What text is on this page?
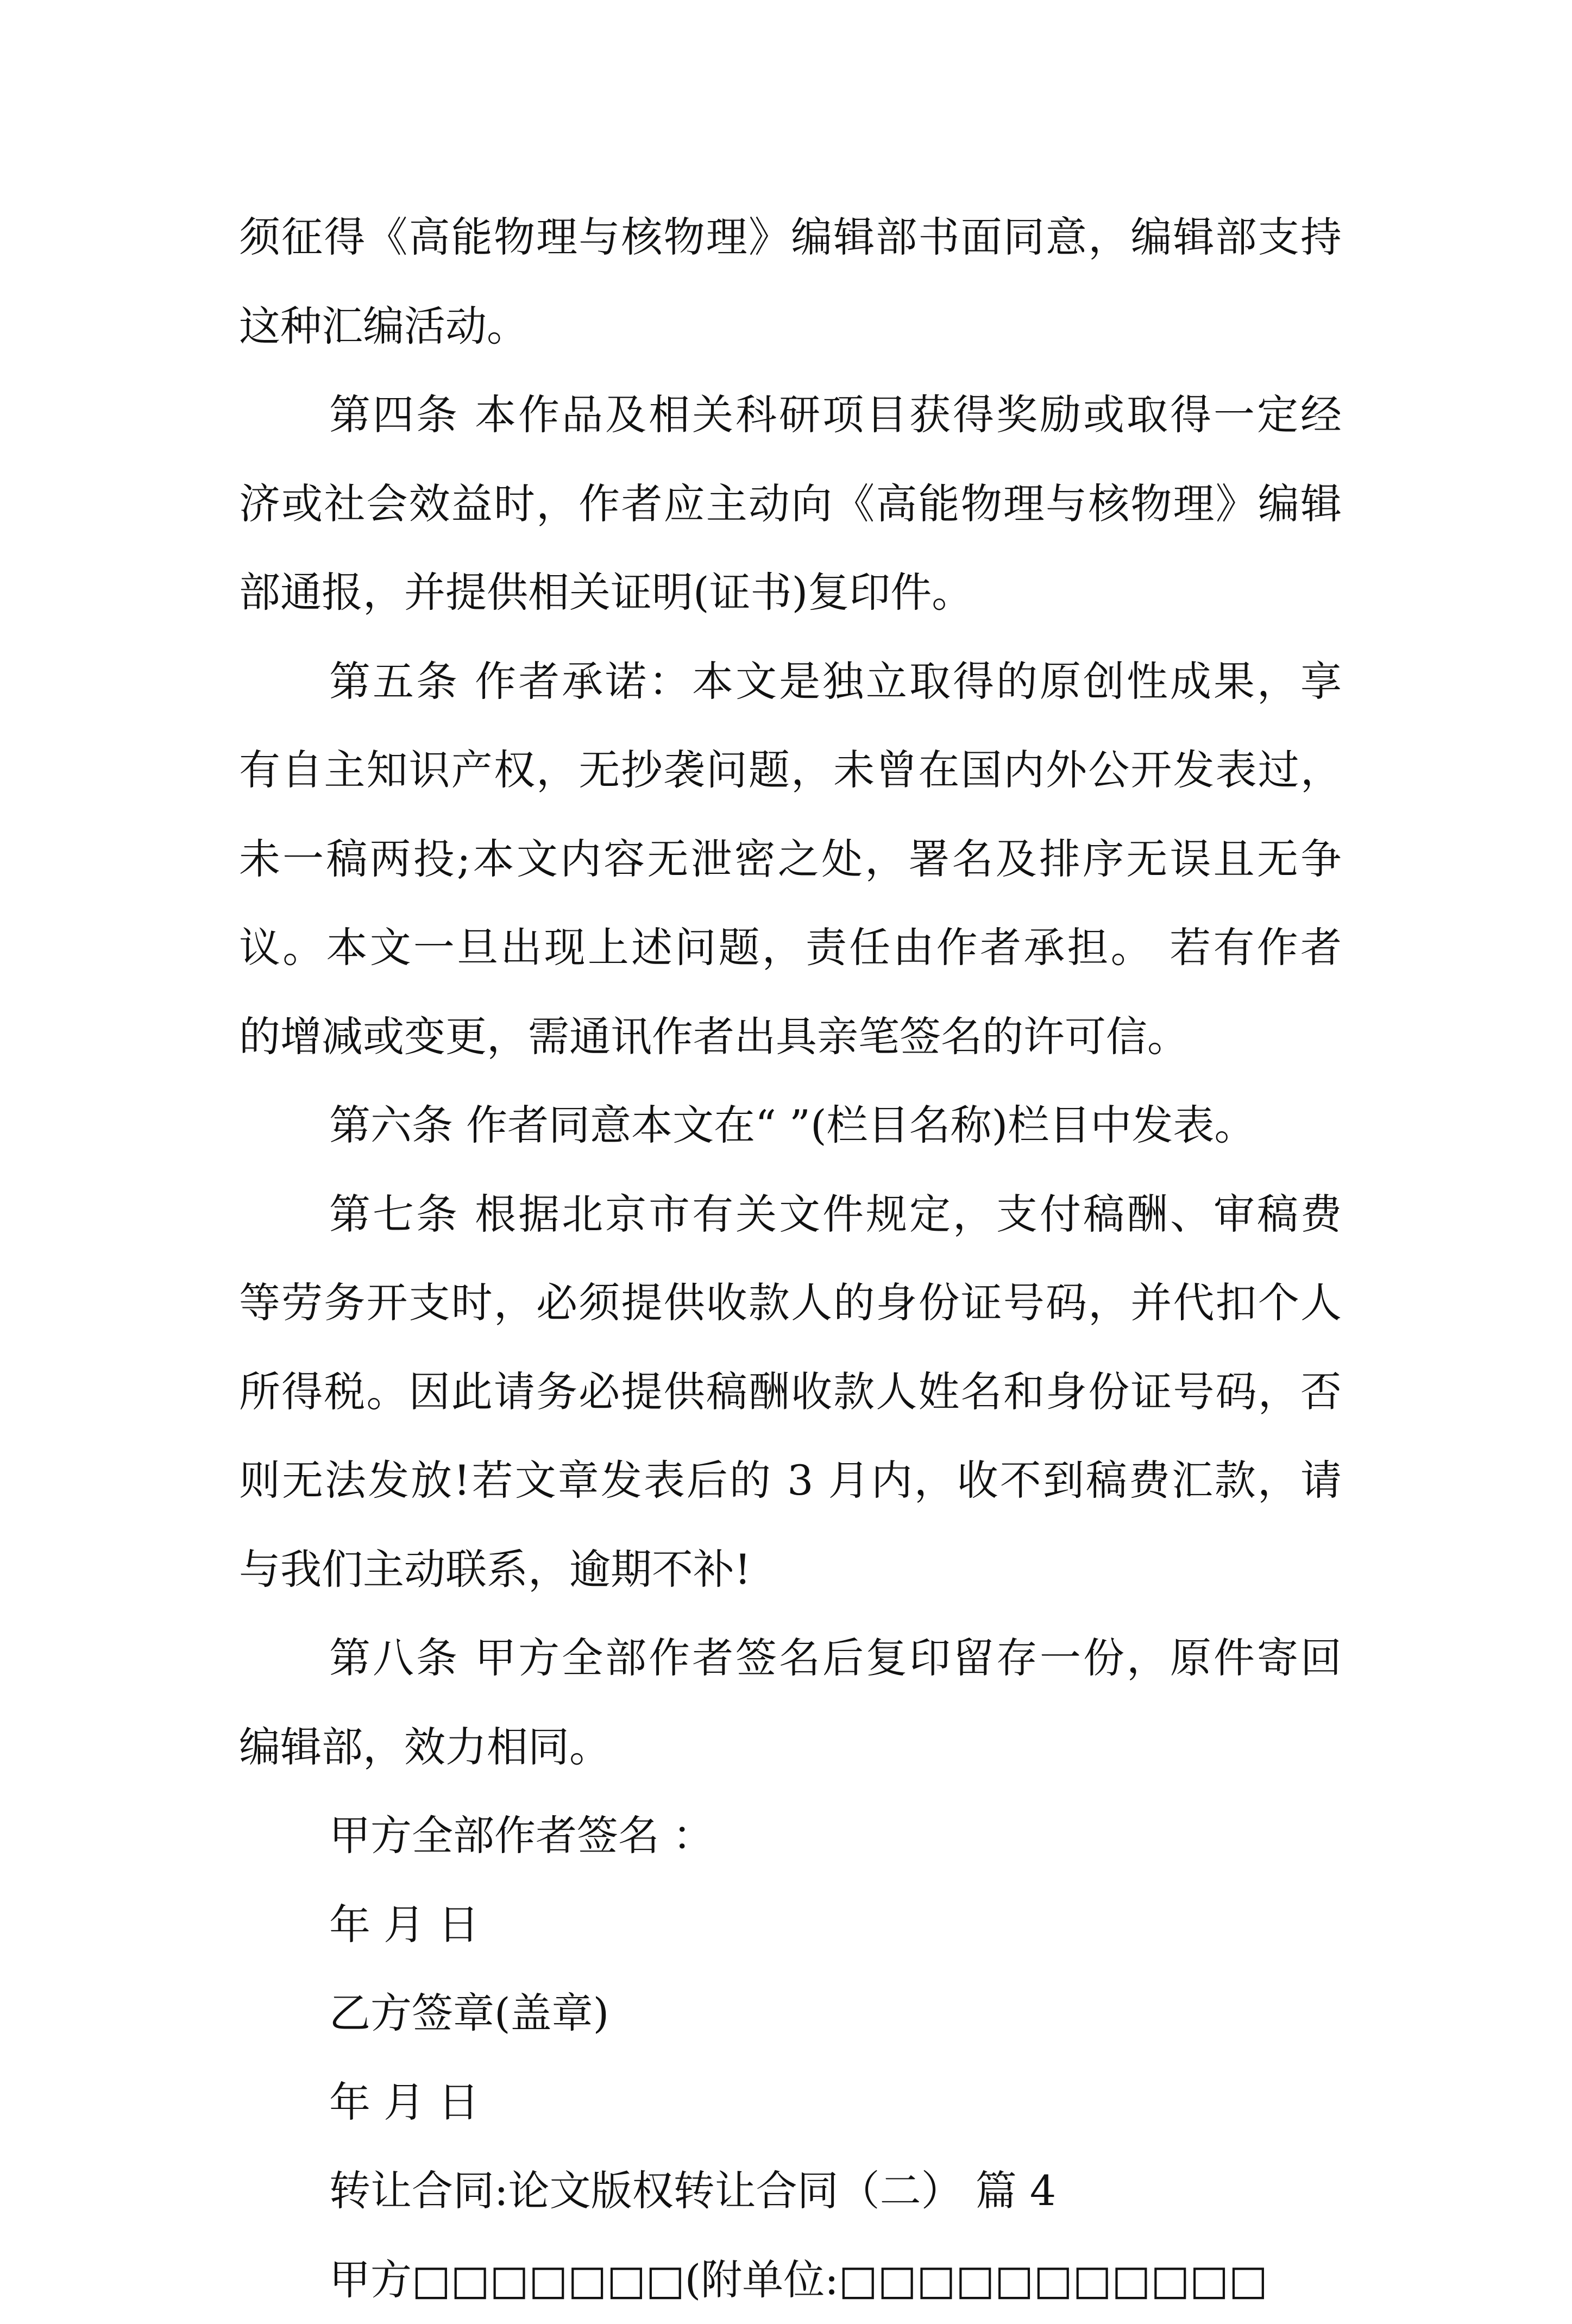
须征得《高能物理与核物理》编辑部书面同意，编辑部支持
这种汇编活动。
第四条 本作品及相关科研项目获得奖励或取得一定经
济或社会效益时，作者应主动向《高能物理与核物理》编辑
部通报，并提供相关证明(证书)复印件。
第五条 作者承诺：本文是独立取得的原创性成果，享
有自主知识产权，无抄袭问题，未曾在国内外公开发表过，
未一稿两投;本文内容无泄密之处，署名及排序无误且无争
议。本文一旦出现上述问题，责任由作者承担。 若有作者
的增减或变更，需通讯作者出具亲笔签名的许可信。
第六条 作者同意本文在“ ”(栏目名称)栏目中发表。
第七条 根据北京市有关文件规定，支付稿酬、审稿费
等劳务开支时，必须提供收款人的身份证号码，并代扣个人
所得税。因此请务必提供稿酬收款人姓名和身份证号码，否
则无法发放!若文章发表后的 3 月内，收不到稿费汇款，请
与我们主动联系，逾期不补!
第八条 甲方全部作者签名后复印留存一份，原件寄回
编辑部，效力相同。
甲方全部作者签名 ：
年 月 日
乙方签章(盖章)
年 月 日
转让合同:论文版权转让合同（二） 篇 4
甲方□□□□□□□(附单位:□□□□□□□□□□□
